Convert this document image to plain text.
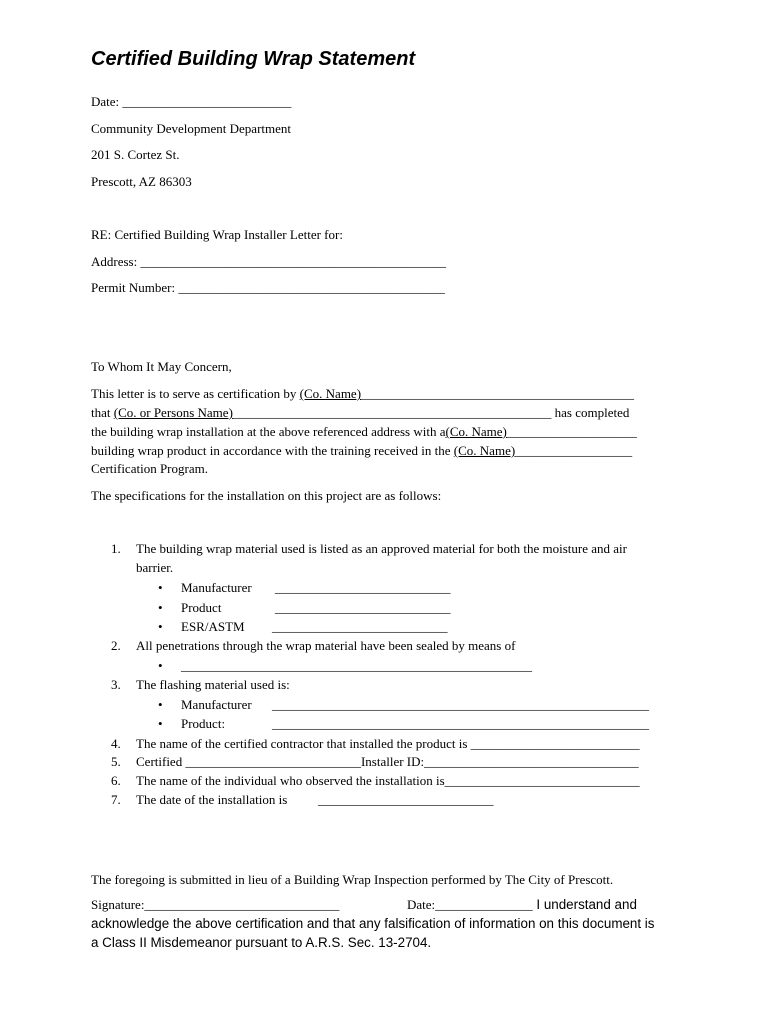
Certified Building Wrap Statement
Date: __________________________
Community Development Department
201 S. Cortez St.
Prescott, AZ 86303
RE: Certified Building Wrap Installer Letter for:
Address: _______________________________________________
Permit Number: _________________________________________
To Whom It May Concern,
This letter is to serve as certification by (Co. Name)__________________________________________
that (Co. or Persons Name)_________________________________________________ has completed
the building wrap installation at the above referenced address with a(Co. Name)____________________
building wrap product in accordance with the training received in the (Co. Name)__________________
Certification Program.
The specifications for the installation on this project are as follows:
1.	The building wrap material used is listed as an approved material for both the moisture and air
barrier.
• Manufacturer ___________________________
• Product	___________________________
• ESR/ASTM ___________________________
2.	All penetrations through the wrap material have been sealed by means of
• ______________________________________________________
3.	The flashing material used is:
• Manufacturer __________________________________________________________
• Product:	__________________________________________________________
4.	The name of the certified contractor that installed the product is __________________________
5.	Certified ___________________________Installer ID:_________________________________
6.	The name of the individual who observed the installation is______________________________
7.	The date of the installation is ___________________________
The foregoing is submitted in lieu of a Building Wrap Inspection performed by The City of Prescott.
Signature:______________________________	Date:_______________ I understand and
acknowledge the above certification and that any falsification of information on this document is
a Class II Misdemeanor pursuant to A.R.S. Sec. 13-2704.
